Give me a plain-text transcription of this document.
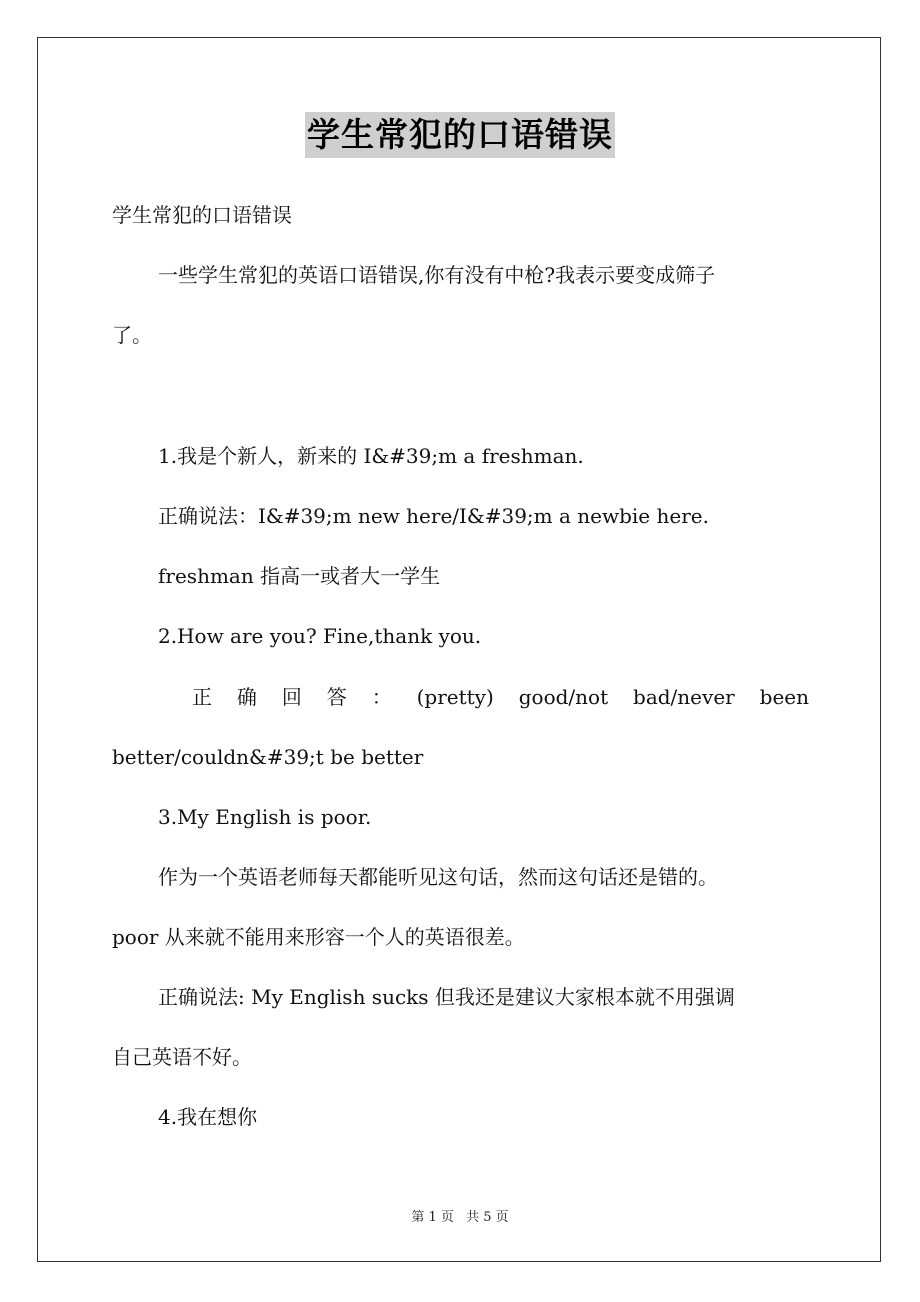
学生常犯的口语错误
学生常犯的口语错误
一些学生常犯的英语口语错误,你有没有中枪?我表示要变成筛子
了。
1.我是个新人，新来的 I&#39;m a freshman.
正确说法：I&#39;m new here/I&#39;m a newbie here.
freshman 指高一或者大一学生
2.How are you? Fine,thank you.
正 确 回 答 ： (pretty) good/not bad/never been
better/couldn&#39;t be better
3.My English is poor.
作为一个英语老师每天都能听见这句话，然而这句话还是错的。
poor 从来就不能用来形容一个人的英语很差。
正确说法: My English sucks 但我还是建议大家根本就不用强调
自己英语不好。
4.我在想你
第 1 页 共 5 页
